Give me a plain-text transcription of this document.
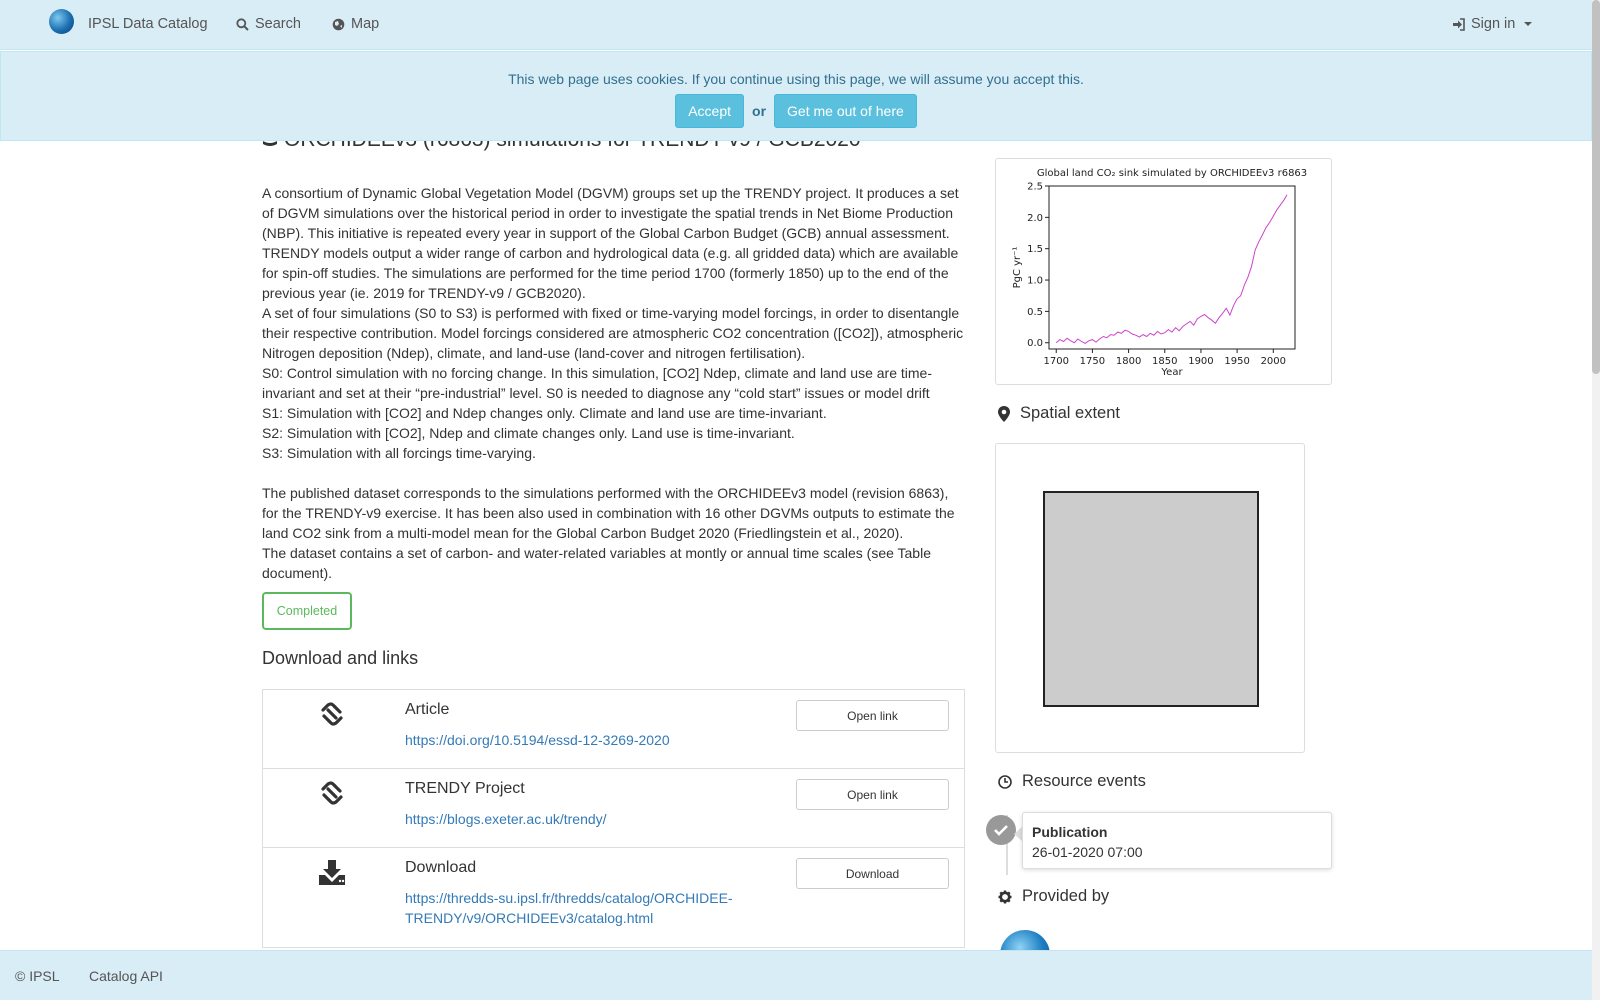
IPSL Data Catalog	Search	Map	Sign in
This web page uses cookies. If you continue using this page, we will assume you accept this.
Accept	or	Get me out of here

A consortium of Dynamic Global Vegetation Model (DGVM) groups set up the TRENDY project. It produces a set of DGVM simulations over the historical period in order to investigate the spatial trends in Net Biome Production (NBP). This initiative is repeated every year in support of the Global Carbon Budget (GCB) annual assessment. TRENDY models output a wider range of carbon and hydrological data (e.g. all gridded data) which are available for spin-off studies. The simulations are performed for the time period 1700 (formerly 1850) up to the end of the previous year (ie. 2019 for TRENDY-v9 / GCB2020).

A set of four simulations (S0 to S3) is performed with fixed or time-varying model forcings, in order to disentangle their respective contribution. Model forcings considered are atmospheric CO2 concentration ([CO2]), atmospheric Nitrogen deposition (Ndep), climate, and land-use (land-cover and nitrogen fertilisation).

S0: Control simulation with no forcing change. In this simulation, [CO2] Ndep, climate and land use are time-invariant and set at their “pre-industrial” level. S0 is needed to diagnose any “cold start” issues or model drift

S1: Simulation with [CO2] and Ndep changes only. Climate and land use are time-invariant.

S2: Simulation with [CO2], Ndep and climate changes only. Land use is time-invariant.

S3: Simulation with all forcings time-varying.

The published dataset corresponds to the simulations performed with the ORCHIDEEv3 model (revision 6863), for the TRENDY-v9 exercise. It has been also used in combination with 16 other DGVMs outputs to estimate the land CO2 sink from a multi-model mean for the Global Carbon Budget 2020 (Friedlingstein et al., 2020).

The dataset contains a set of carbon- and water-related variables at montly or annual time scales (see Table document).

Completed
Download and links
Article
https://doi.org/10.5194/essd-12-3269-2020
Open link
TRENDY Project
https://blogs.exeter.ac.uk/trendy/
Open link
Download
https://thredds-su.ipsl.fr/thredds/catalog/ORCHIDEE-TRENDY/v9/ORCHIDEEv3/catalog.html
Download
Global land CO₂ sink simulated by ORCHIDEEv3 r6863
1700 1750 1800 1850 1900 1950 2000
0.0
0.5
1.0
1.5
2.0
2.5
Year
PgC yr⁻¹
Spatial extent
Resource events
Publication
26-01-2020 07:00
Provided by
© IPSL Catalog API
